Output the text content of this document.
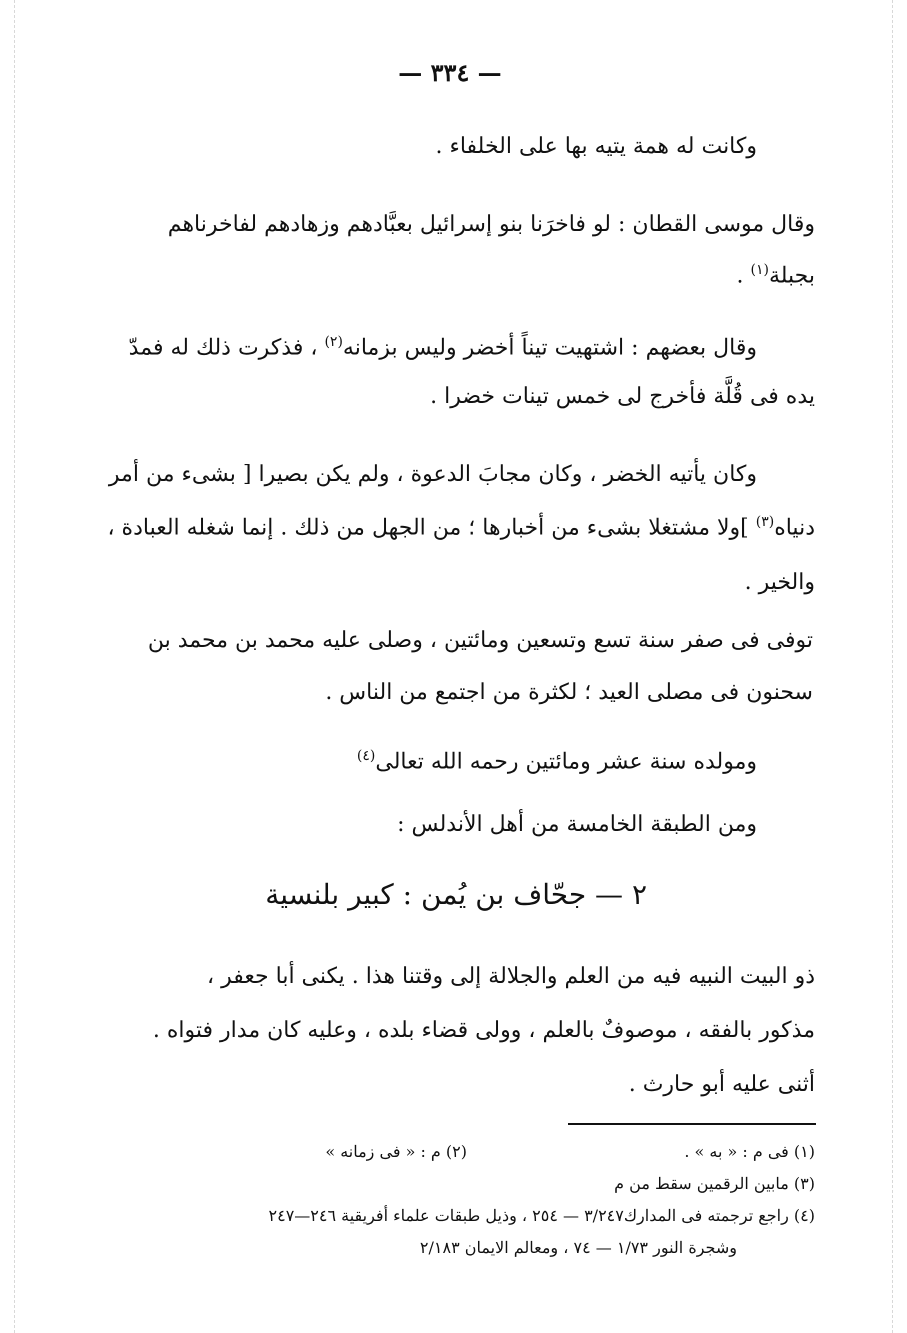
— ٣٣٤ —
وكانت له همة يتيه بها على الخلفاء .
وقال موسى القطان : لو فاخرَنا بنو إسرائيل بعبَّادهم وزهادهم لفاخرناهم
بجبلة$^{(١)}$ .
وقال بعضهم : اشتهيت تيناً أخضر وليس بزمانه$^{(٢)}$ ، فذكرت ذلك له فمدّ
يده فى قُلَّة فأخرج لى خمس تينات خضرا .
وكان يأتيه الخضر ، وكان مجابَ الدعوة ، ولم يكن بصيرا [ بشىء من أمر
دنياه$^{(٣)}$ ]ولا مشتغلا بشىء من أخبارها ؛ من الجهل من ذلك . إنما شغله العبادة ،
والخير .
توفى فى صفر سنة تسع وتسعين ومائتين ، وصلى عليه محمد بن محمد بن
سحنون فى مصلى العيد ؛ لكثرة من اجتمع من الناس .
ومولده سنة عشر ومائتين رحمه الله تعالى$^{(٤)}$
ومن الطبقة الخامسة من أهل الأندلس :
٢ — جحّاف بن يُمن : كبير بلنسية
ذو البيت النبيه فيه من العلم والجلالة إلى وقتنا هذا . يكنى أبا جعفر ،
مذكور بالفقه ، موصوفٌ بالعلم ، وولى قضاء بلده ، وعليه كان مدار فتواه .
أثنى عليه أبو حارث .
(١) فى م : « به » .
(٢) م : « فى زمانه »
(٣) مابين الرقمين سقط من م
(٤) راجع ترجمته فى المدارك٣/٢٤٧ — ٢٥٤ ، وذيل طبقات علماء أفريقية ٢٤٦—٢٤٧
وشجرة النور ١/٧٣ — ٧٤ ، ومعالم الايمان ٢/١٨٣
